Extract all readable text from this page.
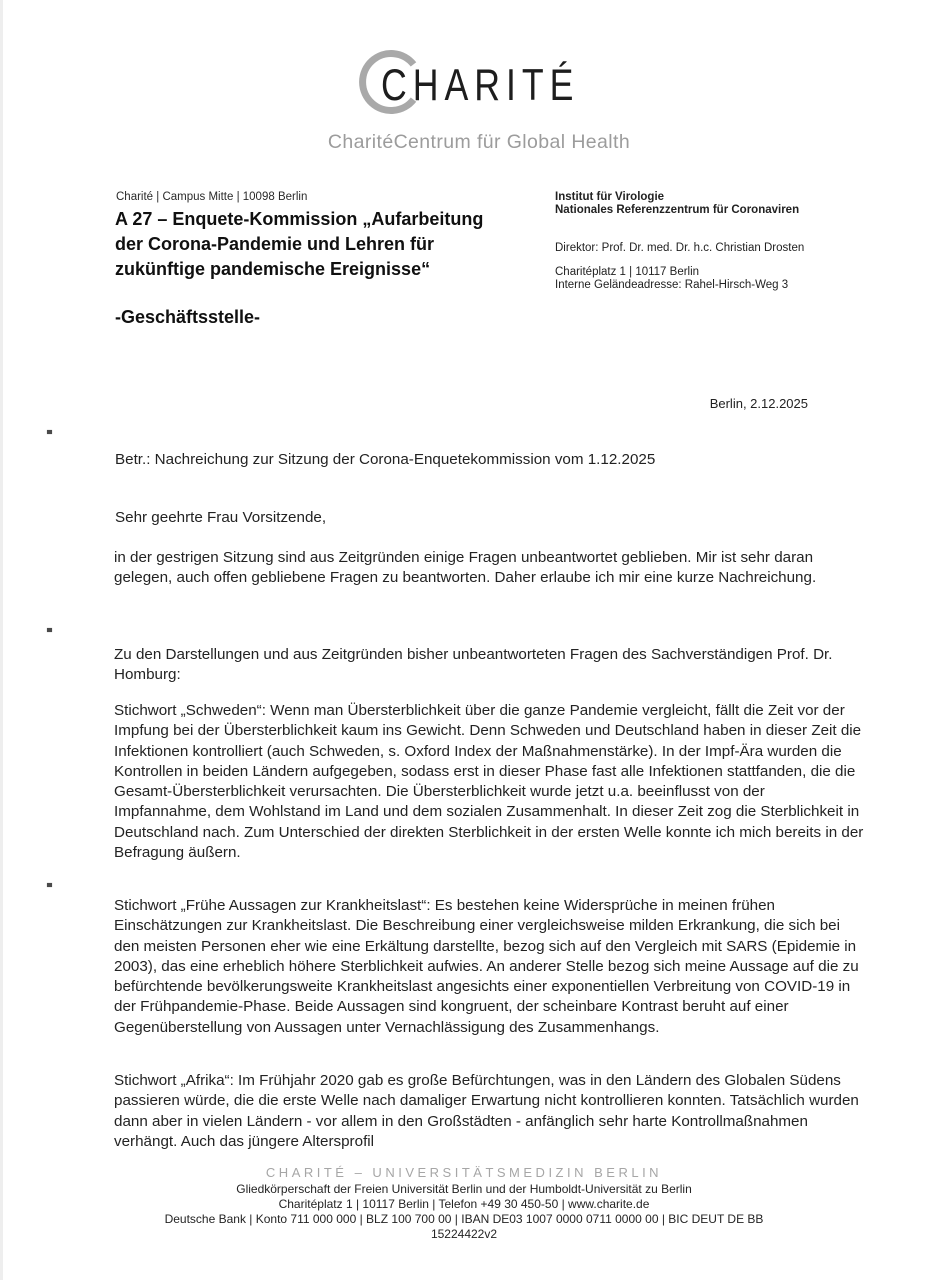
CHARITÉ
CharitéCentrum für Global Health
Charité | Campus Mitte | 10098 Berlin
A 27 – Enquete-Kommission „Aufarbeitung der Corona-Pandemie und Lehren für zukünftige pandemische Ereignisse“
-Geschäftsstelle-
Institut für Virologie
Nationales Referenzzentrum für Coronaviren
Direktor: Prof. Dr. med. Dr. h.c. Christian Drosten
Charitéplatz 1 | 10117 Berlin
Interne Geländeadresse: Rahel-Hirsch-Weg 3
Berlin, 2.12.2025
Betr.: Nachreichung zur Sitzung der Corona-Enquetekommission vom 1.12.2025
Sehr geehrte Frau Vorsitzende,
in der gestrigen Sitzung sind aus Zeitgründen einige Fragen unbeantwortet geblieben. Mir ist sehr daran gelegen, auch offen gebliebene Fragen zu beantworten. Daher erlaube ich mir eine kurze Nachreichung.
Zu den Darstellungen und aus Zeitgründen bisher unbeantworteten Fragen des Sachverständigen Prof. Dr. Homburg:
Stichwort „Schweden“: Wenn man Übersterblichkeit über die ganze Pandemie vergleicht, fällt die Zeit vor der Impfung bei der Übersterblichkeit kaum ins Gewicht. Denn Schweden und Deutschland haben in dieser Zeit die Infektionen kontrolliert (auch Schweden, s. Oxford Index der Maßnahmenstärke). In der Impf-Ära wurden die Kontrollen in beiden Ländern aufgegeben, sodass erst in dieser Phase fast alle Infektionen stattfanden, die die Gesamt-Übersterblichkeit verursachten. Die Übersterblichkeit wurde jetzt u.a. beeinflusst von der Impfannahme, dem Wohlstand im Land und dem sozialen Zusammenhalt. In dieser Zeit zog die Sterblichkeit in Deutschland nach. Zum Unterschied der direkten Sterblichkeit in der ersten Welle konnte ich mich bereits in der Befragung äußern.
Stichwort „Frühe Aussagen zur Krankheitslast“: Es bestehen keine Widersprüche in meinen frühen Einschätzungen zur Krankheitslast. Die Beschreibung einer vergleichsweise milden Erkrankung, die sich bei den meisten Personen eher wie eine Erkältung darstellte, bezog sich auf den Vergleich mit SARS (Epidemie in 2003), das eine erheblich höhere Sterblichkeit aufwies. An anderer Stelle bezog sich meine Aussage auf die zu befürchtende bevölkerungsweite Krankheitslast angesichts einer exponentiellen Verbreitung von COVID-19 in der Frühpandemie-Phase. Beide Aussagen sind kongruent, der scheinbare Kontrast beruht auf einer Gegenüberstellung von Aussagen unter Vernachlässigung des Zusammenhangs.
Stichwort „Afrika“: Im Frühjahr 2020 gab es große Befürchtungen, was in den Ländern des Globalen Südens passieren würde, die die erste Welle nach damaliger Erwartung nicht kontrollieren konnten. Tatsächlich wurden dann aber in vielen Ländern - vor allem in den Großstädten - anfänglich sehr harte Kontrollmaßnahmen verhängt. Auch das jüngere Altersprofil
CHARITÉ – UNIVERSITÄTSMEDIZIN BERLIN
Gliedkörperschaft der Freien Universität Berlin und der Humboldt-Universität zu Berlin
Charitéplatz 1 | 10117 Berlin | Telefon +49 30 450-50 | www.charite.de
Deutsche Bank | Konto 711 000 000 | BLZ 100 700 00 | IBAN DE03 1007 0000 0711 0000 00 | BIC DEUT DE BB
15224422v2
